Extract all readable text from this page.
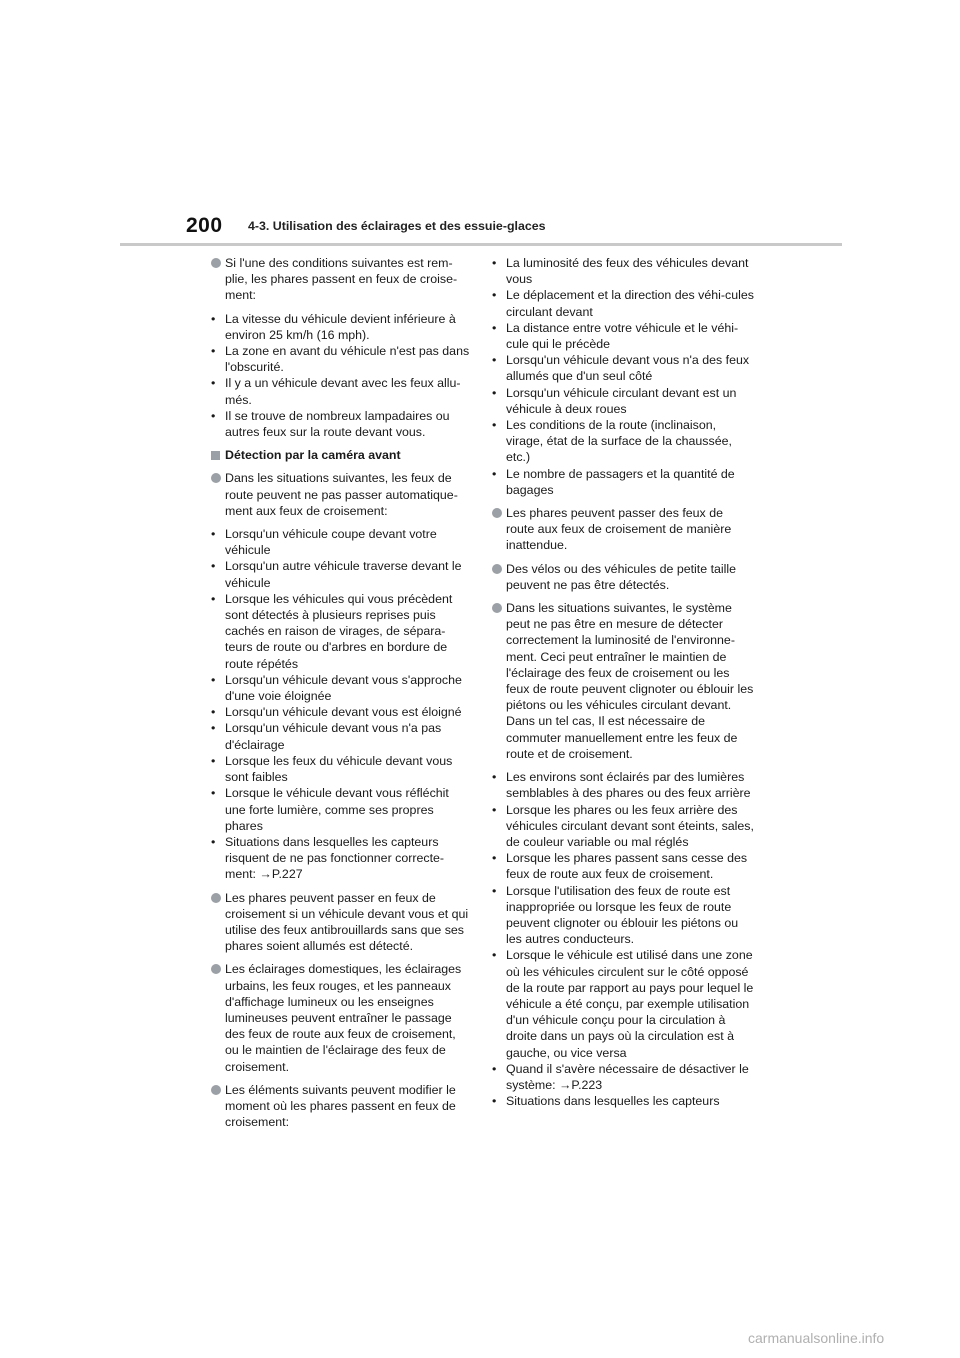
200 4-3. Utilisation des éclairages et des essuie-glaces
Si l'une des conditions suivantes est rem-plie, les phares passent en feux de croise-ment:
• La vitesse du véhicule devient inférieure à environ 25 km/h (16 mph).
• La zone en avant du véhicule n'est pas dans l'obscurité.
• Il y a un véhicule devant avec les feux allu-més.
• Il se trouve de nombreux lampadaires ou autres feux sur la route devant vous.
Détection par la caméra avant
Dans les situations suivantes, les feux de route peuvent ne pas passer automatique-ment aux feux de croisement:
• Lorsqu'un véhicule coupe devant votre véhicule
• Lorsqu'un autre véhicule traverse devant le véhicule
• Lorsque les véhicules qui vous précèdent sont détectés à plusieurs reprises puis cachés en raison de virages, de sépara-teurs de route ou d'arbres en bordure de route répétés
• Lorsqu'un véhicule devant vous s'approche d'une voie éloignée
• Lorsqu'un véhicule devant vous est éloigné
• Lorsqu'un véhicule devant vous n'a pas d'éclairage
• Lorsque les feux du véhicule devant vous sont faibles
• Lorsque le véhicule devant vous réfléchit une forte lumière, comme ses propres phares
• Situations dans lesquelles les capteurs risquent de ne pas fonctionner correcte-ment: →P.227
Les phares peuvent passer en feux de croisement si un véhicule devant vous et qui utilise des feux antibrouillards sans que ses phares soient allumés est détecté.
Les éclairages domestiques, les éclairages urbains, les feux rouges, et les panneaux d'affichage lumineux ou les enseignes lumineuses peuvent entraîner le passage des feux de route aux feux de croisement, ou le maintien de l'éclairage des feux de croisement.
Les éléments suivants peuvent modifier le moment où les phares passent en feux de croisement:
• La luminosité des feux des véhicules devant vous
• Le déplacement et la direction des véhi-cules circulant devant
• La distance entre votre véhicule et le véhi-cule qui le précède
• Lorsqu'un véhicule devant vous n'a des feux allumés que d'un seul côté
• Lorsqu'un véhicule circulant devant est un véhicule à deux roues
• Les conditions de la route (inclinaison, virage, état de la surface de la chaussée, etc.)
• Le nombre de passagers et la quantité de bagages
Les phares peuvent passer des feux de route aux feux de croisement de manière inattendue.
Des vélos ou des véhicules de petite taille peuvent ne pas être détectés.
Dans les situations suivantes, le système peut ne pas être en mesure de détecter correctement la luminosité de l'environne-ment. Ceci peut entraîner le maintien de l'éclairage des feux de croisement ou les feux de route peuvent clignoter ou éblouir les piétons ou les véhicules circulant devant. Dans un tel cas, Il est nécessaire de commuter manuellement entre les feux de route et de croisement.
• Les environs sont éclairés par des lumières semblables à des phares ou des feux arrière
• Lorsque les phares ou les feux arrière des véhicules circulant devant sont éteints, sales, de couleur variable ou mal réglés
• Lorsque les phares passent sans cesse des feux de route aux feux de croisement.
• Lorsque l'utilisation des feux de route est inappropriée ou lorsque les feux de route peuvent clignoter ou éblouir les piétons ou les autres conducteurs.
• Lorsque le véhicule est utilisé dans une zone où les véhicules circulent sur le côté opposé de la route par rapport au pays pour lequel le véhicule a été conçu, par exemple utilisation d'un véhicule conçu pour la circulation à droite dans un pays où la circulation est à gauche, ou vice versa
• Quand il s'avère nécessaire de désactiver le système: →P.223
• Situations dans lesquelles les capteurs
carmanualsonline.info
